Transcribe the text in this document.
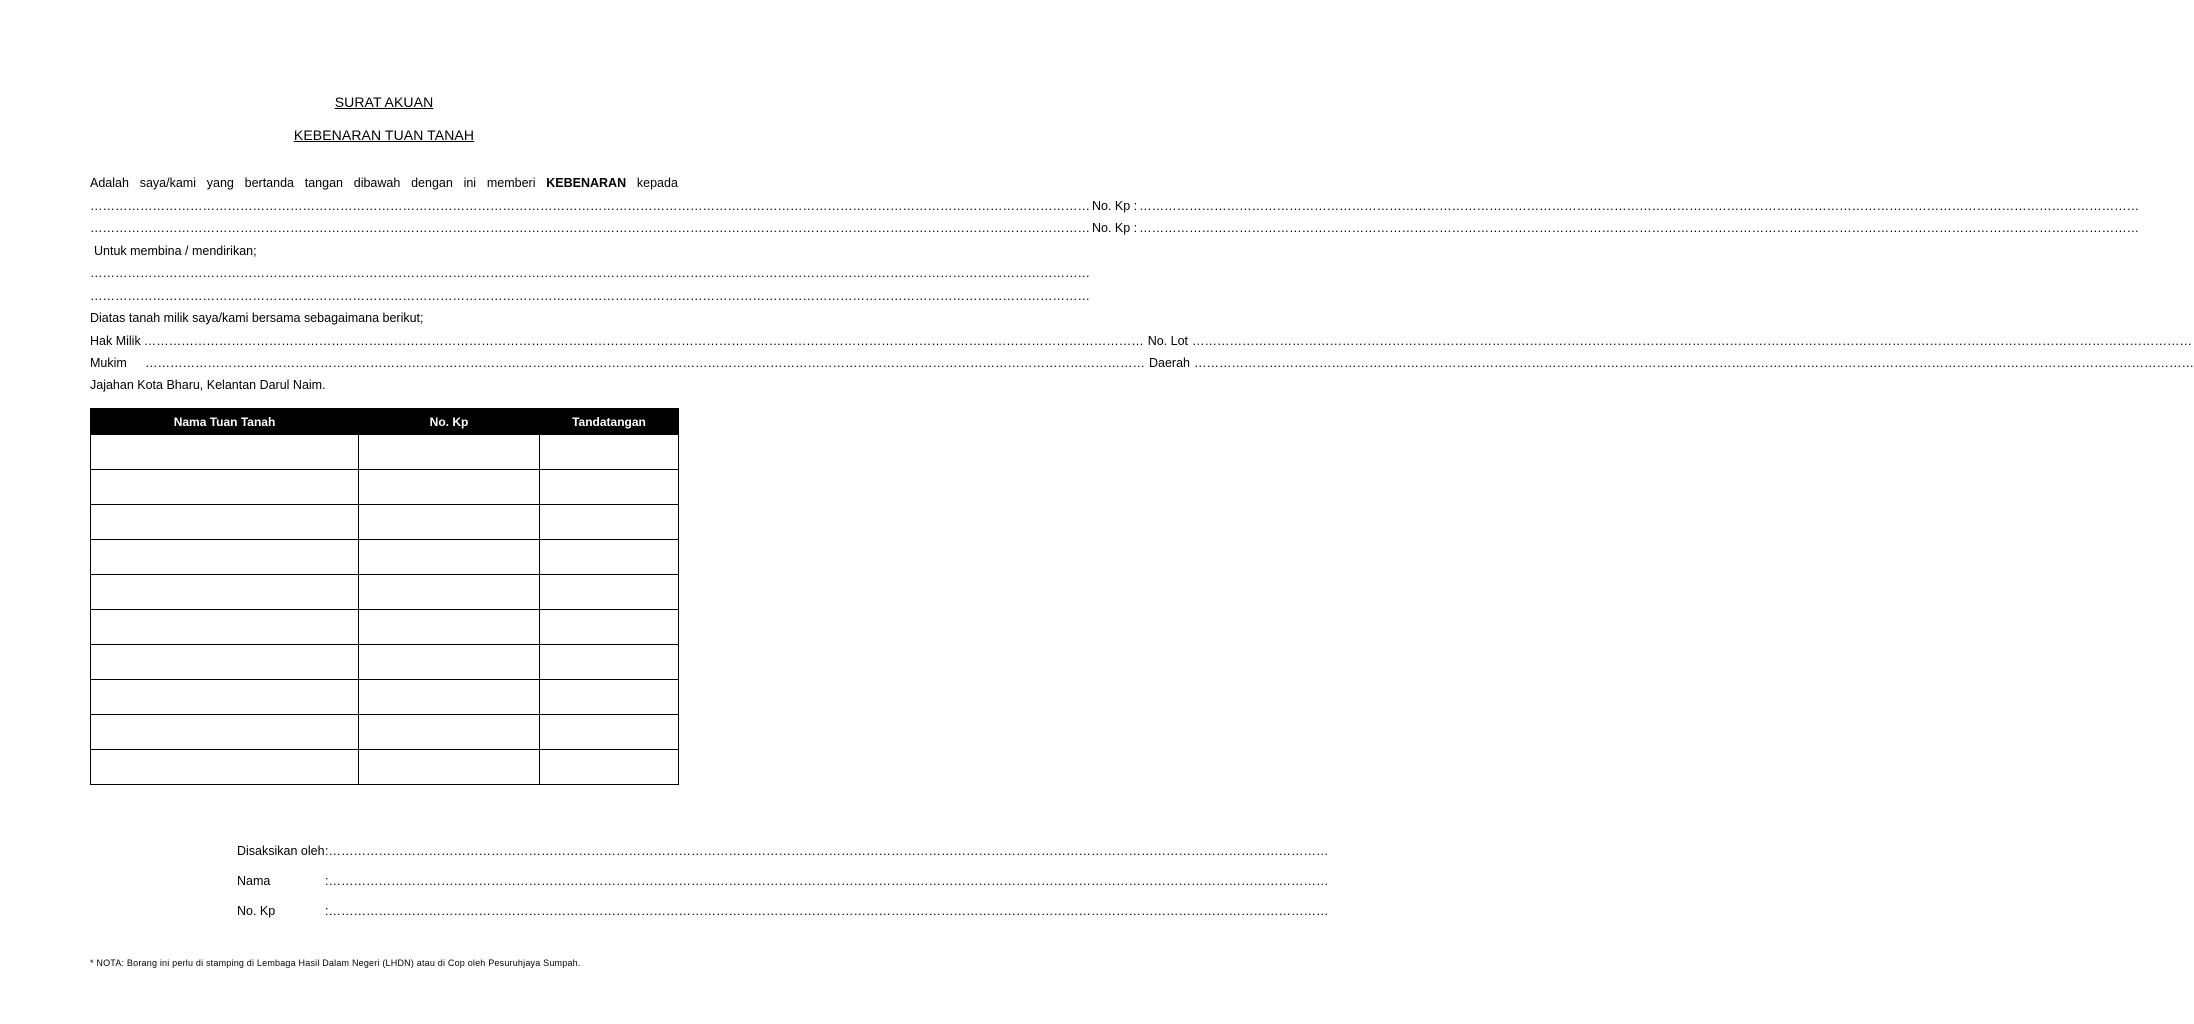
SURAT AKUAN
KEBENARAN TUAN TANAH
Adalah saya/kami yang bertanda tangan dibawah dengan ini memberi KEBENARAN kepada
…………………………………………………………………………………………………………………………………………………………………………………………………………………… No. Kp : ……………………………………………………………………………………………………………………………………………………………………………………………………………………
…………………………………………………………………………………………………………………………………………………………………………………………………………………… No. Kp : ……………………………………………………………………………………………………………………………………………………………………………………………………………………
Untuk membina / mendirikan;
……………………………………………………………………………………………………………………………………………………………………………………………………………………
……………………………………………………………………………………………………………………………………………………………………………………………………………………
Diatas tanah milik saya/kami bersama sebagaimana berikut;
Hak Milik …………………………………………………………………………………………………………………………………………………………………………………………………………………… No. Lot ……………………………………………………………………………………………………………………………………………………………………………………………………………………
Mukim	…………………………………………………………………………………………………………………………………………………………………………………………………………………… Daerah ……………………………………………………………………………………………………………………………………………………………………………………………………………………
Jajahan Kota Bharu, Kelantan Darul Naim.
Nama Tuan Tanah	No. Kp	Tandatangan

Disaksikan oleh : ……………………………………………………………………………………………………………………………………………………………………………………………………………………
Nama	: ……………………………………………………………………………………………………………………………………………………………………………………………………………………
No. Kp	: ……………………………………………………………………………………………………………………………………………………………………………………………………………………
* NOTA: Borang ini perlu di stamping di Lembaga Hasil Dalam Negeri (LHDN) atau di Cop oleh Pesuruhjaya Sumpah.
